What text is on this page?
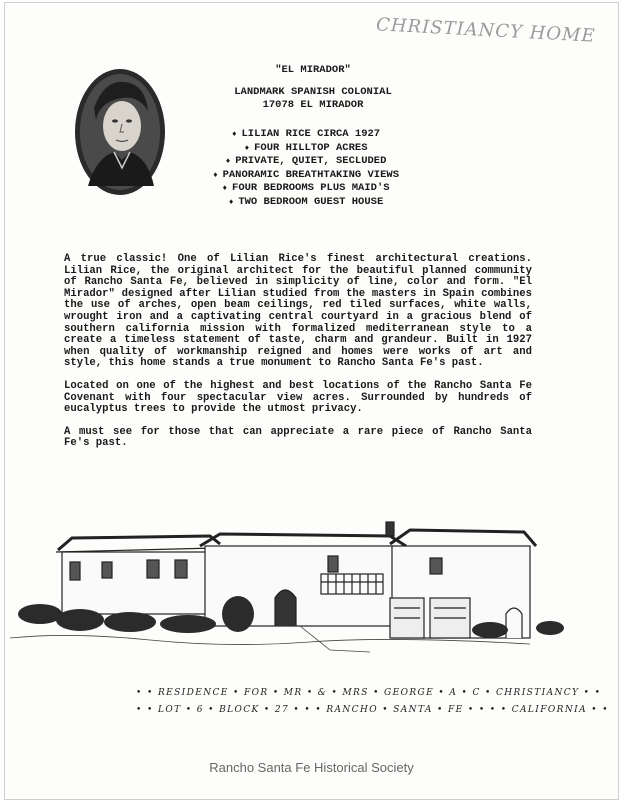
CHRISTIANCY HOME
"EL MIRADOR"
LANDMARK SPANISH COLONIAL
17078 EL MIRADOR
♦ LILIAN RICE CIRCA 1927
♦ FOUR HILLTOP ACRES
♦ PRIVATE, QUIET, SECLUDED
♦ PANORAMIC BREATHTAKING VIEWS
♦ FOUR BEDROOMS PLUS MAID'S
♦ TWO BEDROOM GUEST HOUSE

A true classic! One of Lilian Rice's finest architectural creations. Lilian Rice, the original architect for the beautiful planned community of Rancho Santa Fe, believed in simplicity of line, color and form. "El Mirador" designed after Lilian studied from the masters in Spain combines the use of arches, open beam ceilings, red tiled surfaces, white walls, wrought iron and a captivating central courtyard in a gracious blend of southern california mission with formalized mediterranean style to a create a timeless statement of taste, charm and grandeur. Built in 1927 when quality of workmanship reigned and homes were works of art and style, this home stands a true monument to Rancho Santa Fe's past.

Located on one of the highest and best locations of the Rancho Santa Fe Covenant with four spectacular view acres. Surrounded by hundreds of eucalyptus trees to provide the utmost privacy.

A must see for those that can appreciate a rare piece of Rancho Santa Fe's past.

• • RESIDENCE • FOR • MR • & • MRS • GEORGE • A • C • CHRISTIANCY • •
• • LOT • 6 • BLOCK • 27 • • • RANCHO • SANTA • FE • • • • CALIFORNIA • •
Rancho Santa Fe Historical Society
